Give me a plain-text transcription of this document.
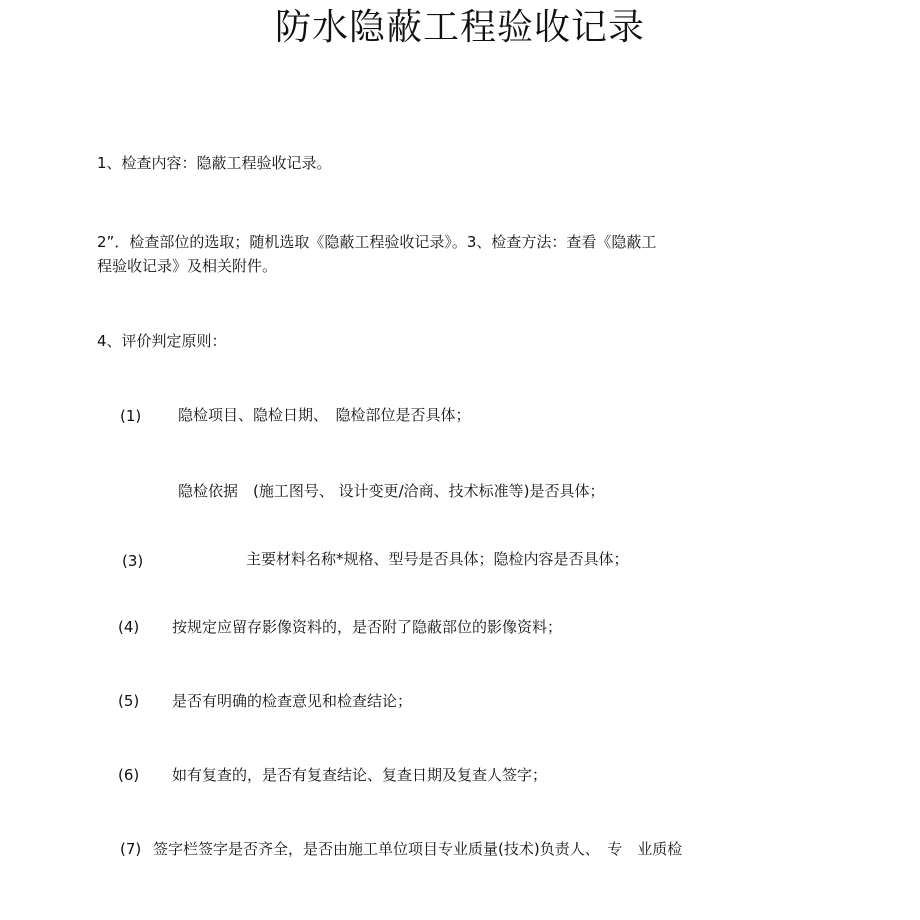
防水隐蔽工程验收记录
1、检查内容：隐蔽工程验收记录。
2”．检查部位的选取；随机选取《隐蔽工程验收记录》。3、检查方法：查看《隐蔽工
程验收记录》及相关附件。
4、评价判定原则：
(1) 隐检项目、隐检日期、　隐检部位是否具体；
隐检依据　(施工图号、 设计变更/洽商、技术标准等)是否具体；
(3)	主要材料名称*规格、型号是否具体；隐检内容是否具体；
(4) 按规定应留存影像资料的，是否附了隐蔽部位的影像资料；
(5) 是否有明确的检查意见和检查结论；
(6) 如有复查的，是否有复查结论、复查日期及复查人签字；
(7) 签字栏签字是否齐全，是否由施工单位项目专业质量(技术)负责人、　专　业质检
